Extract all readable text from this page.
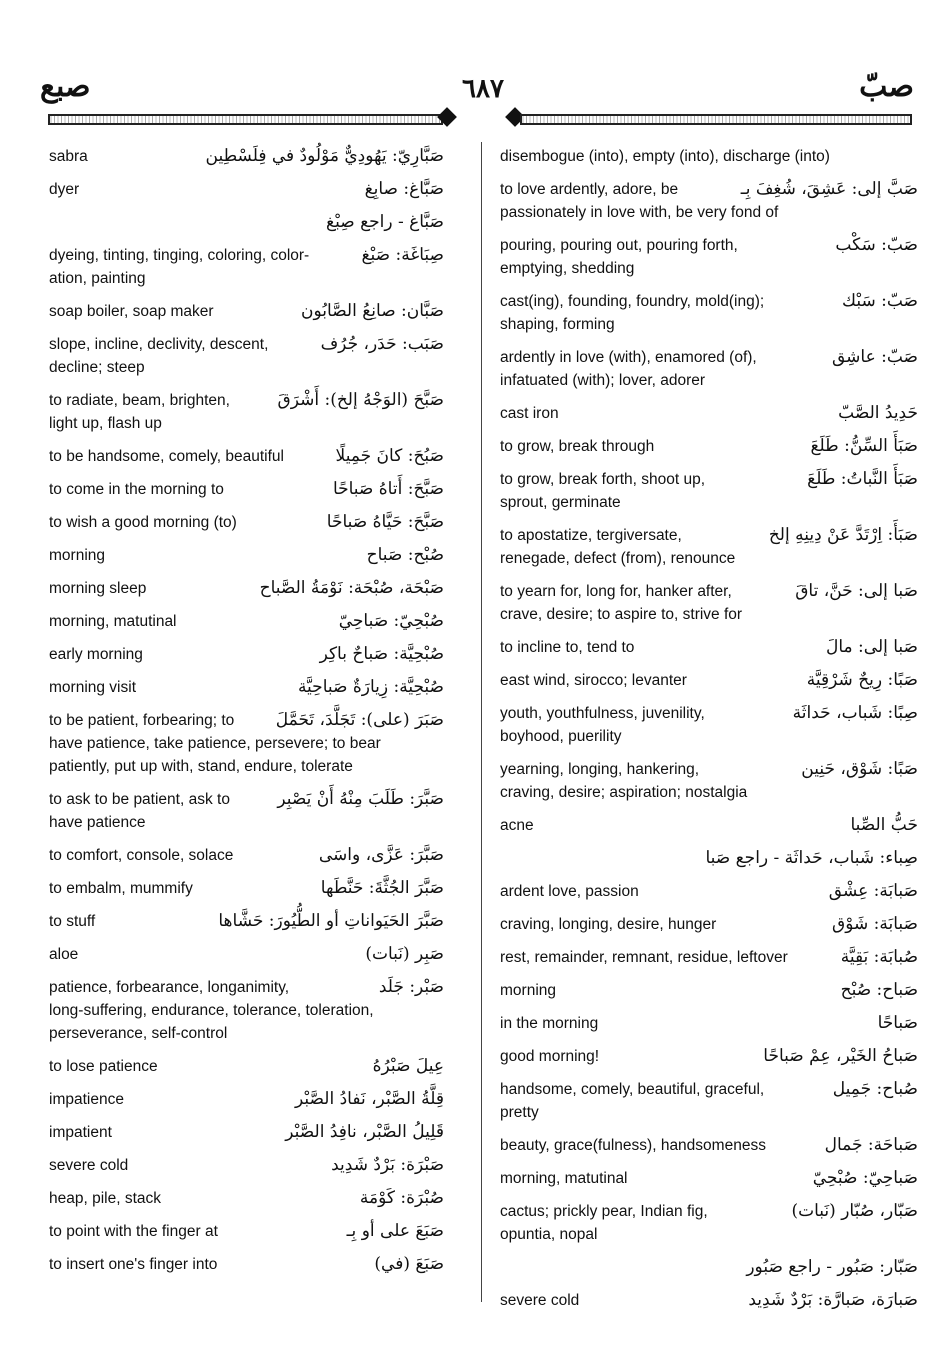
صبع	٦٨٧	صبّ
sabra	صَبَّارِيّ: يَهُودِيٌّ مَوْلُودٌ في فِلَسْطِين
dyer	صَبَّاغ: صابِغ
صَبَّاغ - راجع صِبْغ
dyeing, tinting, tinging, coloring, color-
ation, painting
صِبَاغَة: صَبْغ
soap boiler, soap maker	صَبَّان: صانِعُ الصَّابُون
slope, incline, declivity, descent,
decline; steep
صَبَب: حَدَر، جُرُف
to radiate, beam, brighten,
light up, flash up
صَبَّحَ (الوَجْهُ إلخ): أَشْرَقَ
to be handsome, comely, beautiful	صَبُحَ: كانَ جَمِيلًا
to come in the morning to	صَبَّحَ: أَتاهُ صَباحًا
to wish a good morning (to)	صَبَّحَ: حَيَّاهُ صَباحًا
morning	صُبْح: صَباح
morning sleep	صَبْحَة، صُبْحَة: نَوْمَةُ الصَّباح
morning, matutinal	صُبْحِيّ: صَباحِيّ
early morning	صُبْحِيَّة: صَباحٌ باكِر
morning visit	صُبْحِيَّة: زِيارَةٌ صَباحِيَّة
to be patient, forbearing; to
have patience, take patience, persevere; to bear
patiently, put up with, stand, endure, tolerate
صَبَرَ (على): تَجَلَّدَ، تَحَمَّلَ
to ask to be patient, ask to
have patience
صَبَّرَ: طَلَبَ مِنْهُ أَنْ يَصْبِر
to comfort, console, solace	صَبَّرَ: عَزَّى، واسَى
to embalm, mummify	صَبَّرَ الجُثَّةَ: حَنَّطَها
to stuff	صَبَّرَ الحَيَواناتِ أو الطُّيُورَ: حَشَّاها
aloe	صَبِر (نَبات)
patience, forbearance, longanimity,
long-suffering, endurance, tolerance, toleration,
perseverance, self-control
صَبْر: جَلَد
to lose patience	عِيلَ صَبْرُهُ
impatience	قِلَّةُ الصَّبْر، نَفادُ الصَّبْر
impatient	قَلِيلُ الصَّبْر، نافِدُ الصَّبْر
severe cold	صَبْرَة: بَرْدٌ شَدِيد
heap, pile, stack	صُبْرَة: كَوْمَة
to point with the finger at	صَبَعَ على أو بِـ
to insert one's finger into	صَبَعَ (في)
disembogue (into), empty (into), discharge (into)
to love ardently, adore, be
passionately in love with, be very fond of
صَبَّ إلى: عَشِقَ، شُغِفَ بِـ
pouring, pouring out, pouring forth,
emptying, shedding
صَبّ: سَكْب
cast(ing), founding, foundry, mold(ing);
shaping, forming
صَبّ: سَبْك
ardently in love (with), enamored (of),
infatuated (with); lover, adorer
صَبّ: عاشِق
cast iron	حَدِيدُ الصَّبّ
to grow, break through	صَبَأَ السِّنُّ: طَلَعَ
to grow, break forth, shoot up,
sprout, germinate
صَبَأَ النَّباتُ: طَلَعَ
to apostatize, tergiversate,
renegade, defect (from), renounce
صَبَأَ: اِرْتَدَّ عَنْ دِينِهِ إلخ
to yearn for, long for, hanker after,
crave, desire; to aspire to, strive for
صَبا إلى: حَنَّ، تاقَ
to incline to, tend to	صَبا إلى: مالَ
east wind, sirocco; levanter	صَبًا: رِيحٌ شَرْقِيَّة
youth, youthfulness, juvenility,
boyhood, puerility
صِبًا: شَباب، حَداثَة
yearning, longing, hankering,
craving, desire; aspiration; nostalgia
صَبًا: شَوْق، حَنِين
acne	حَبُّ الصِّبا
صِباء: شَباب، حَداثَة - راجع صَبا
ardent love, passion	صَبابَة: عِشْق
craving, longing, desire, hunger	صَبابَة: شَوْق
rest, remainder, remnant, residue, leftover	صُبابَة: بَقِيَّة
morning	صَباح: صُبْح
in the morning	صَباحًا
good morning!	صَباحُ الخَيْر، عِمْ صَباحًا
handsome, comely, beautiful, graceful,
pretty
صُباح: جَمِيل
beauty, grace(fulness), handsomeness	صَباحَة: جَمال
morning, matutinal	صَباحِيّ: صُبْحِيّ
cactus; prickly pear, Indian fig,
opuntia, nopal
صَبّار، صُبّار (نَبات)
صَبّار: صَبُور - راجع صَبُور
severe cold	صَبارَة، صَبارَّة: بَرْدٌ شَدِيد
